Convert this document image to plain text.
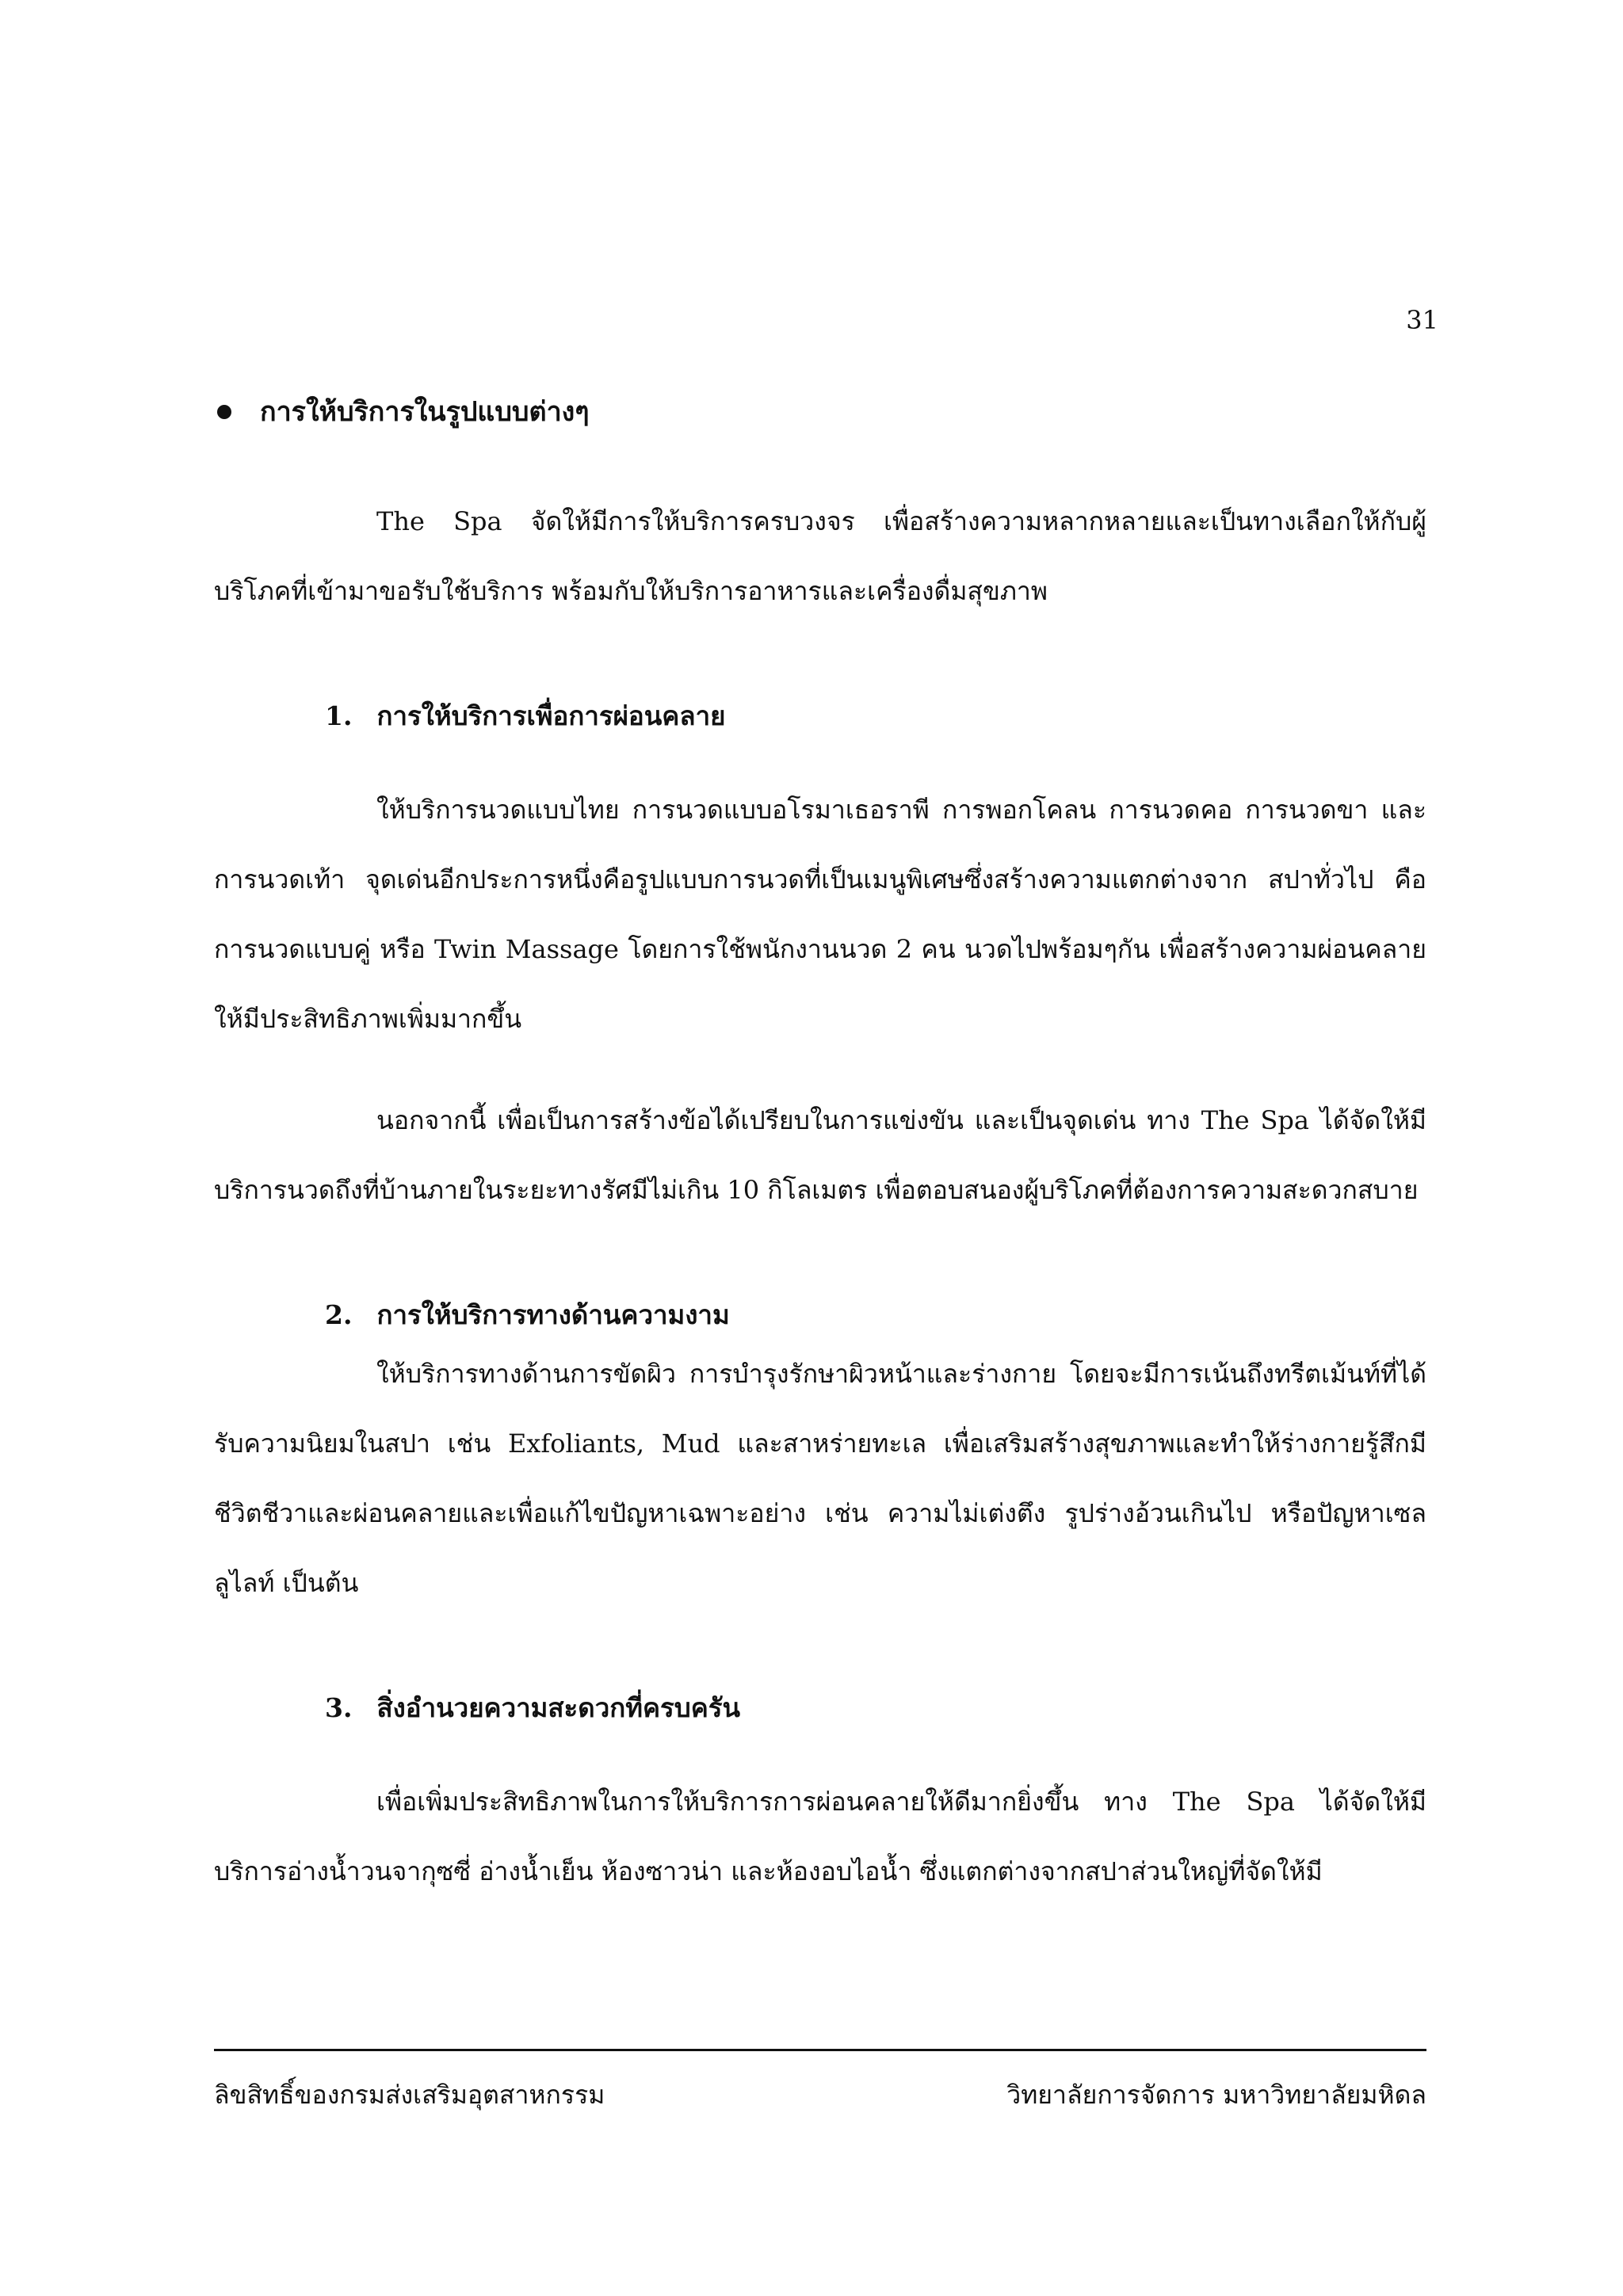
31
การให้บริการในรูปแบบต่างๆ

The Spa จัดให้มีการให้บริการครบวงจร เพื่อสร้างความหลากหลายและเป็นทางเลือกให้กับผู้บริโภคที่เข้ามาขอรับใช้บริการ พร้อมกับให้บริการอาหารและเครื่องดื่มสุขภาพ

1. การให้บริการเพื่อการผ่อนคลาย

ให้บริการนวดแบบไทย การนวดแบบอโรมาเธอราพี การพอกโคลน การนวดคอ การนวดขา และการนวดเท้า จุดเด่นอีกประการหนึ่งคือรูปแบบการนวดที่เป็นเมนูพิเศษซึ่งสร้างความแตกต่างจาก สปาทั่วไป คือ การนวดแบบคู่ หรือ Twin Massage โดยการใช้พนักงานนวด 2 คน นวดไปพร้อมๆกัน เพื่อสร้างความผ่อนคลายให้มีประสิทธิภาพเพิ่มมากขึ้น

นอกจากนี้ เพื่อเป็นการสร้างข้อได้เปรียบในการแข่งขัน และเป็นจุดเด่น ทาง The Spa ได้จัดให้มีบริการนวดถึงที่บ้านภายในระยะทางรัศมีไม่เกิน 10 กิโลเมตร เพื่อตอบสนองผู้บริโภคที่ต้องการความสะดวกสบาย

2. การให้บริการทางด้านความงาม

ให้บริการทางด้านการขัดผิว การบำรุงรักษาผิวหน้าและร่างกาย โดยจะมีการเน้นถึงทรีตเม้นท์ที่ได้รับความนิยมในสปา เช่น Exfoliants, Mud และสาหร่ายทะเล เพื่อเสริมสร้างสุขภาพและทำให้ร่างกายรู้สึกมีชีวิตชีวาและผ่อนคลายและเพื่อแก้ไขปัญหาเฉพาะอย่าง เช่น ความไม่เต่งตึง รูปร่างอ้วนเกินไป หรือปัญหาเซลลูไลท์ เป็นต้น

3. สิ่งอำนวยความสะดวกที่ครบครัน

เพื่อเพิ่มประสิทธิภาพในการให้บริการการผ่อนคลายให้ดีมากยิ่งขึ้น ทาง The Spa ได้จัดให้มีบริการอ่างน้ำวนจากุซซี่ อ่างน้ำเย็น ห้องซาวน่า และห้องอบไอน้ำ ซึ่งแตกต่างจากสปาส่วนใหญ่ที่จัดให้มี

ลิขสิทธิ์ของกรมส่งเสริมอุตสาหกรรม	วิทยาลัยการจัดการ มหาวิทยาลัยมหิดล
